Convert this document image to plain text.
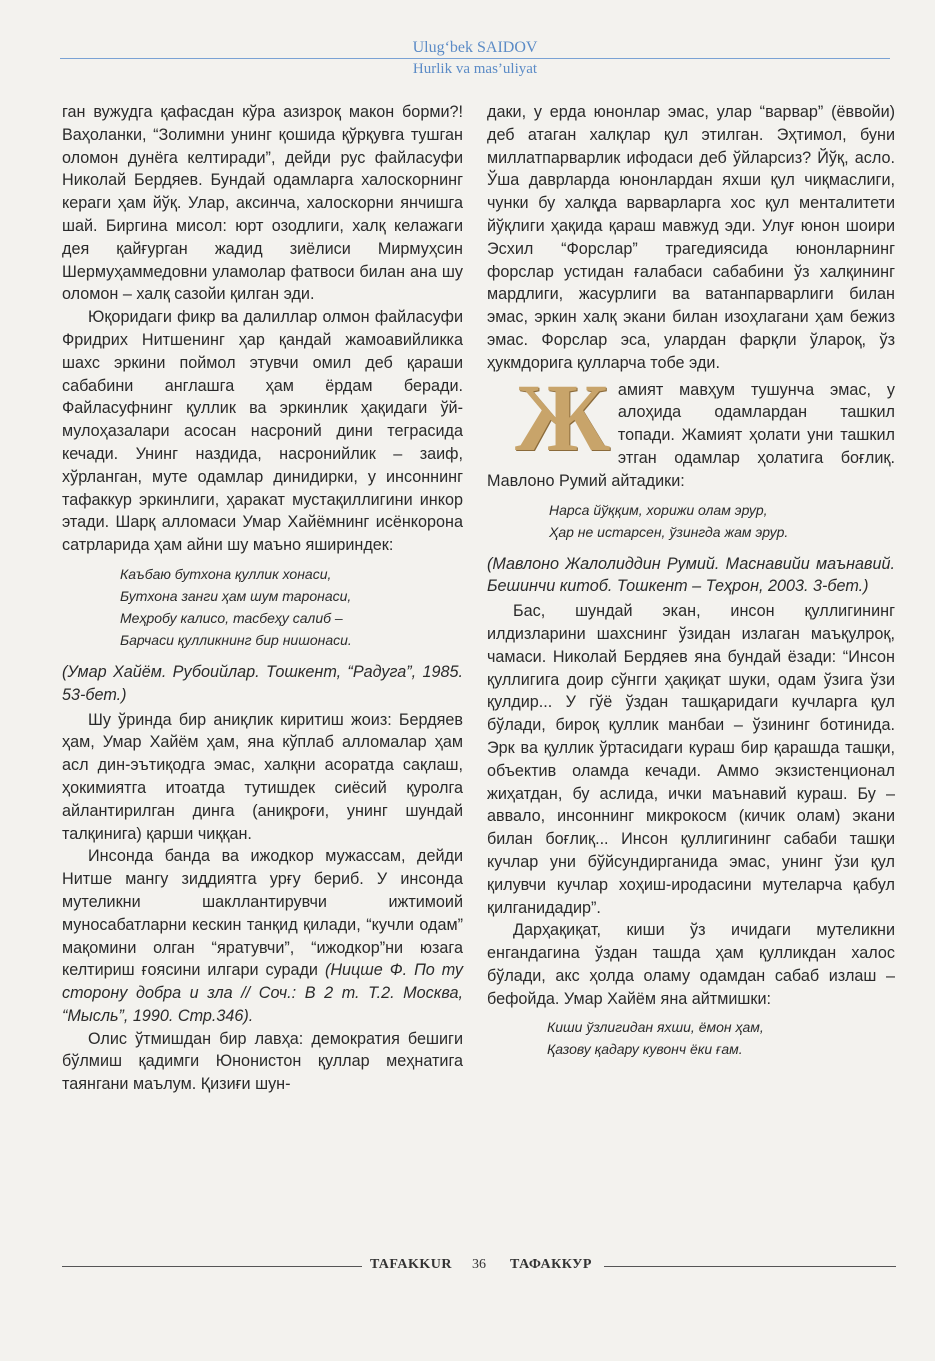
Ulug‘bek SAIDOV
Hurlik va mas’uliyat

ган вужудга қафасдан кўра азизроқ макон борми?! Ваҳоланки, “Золимни унинг қошида қўрқувга тушган оломон дунёга келтиради”, дейди рус файласуфи Николай Бердяев. Бундай одамларга халоскорнинг кераги ҳам йўқ. Улар, аксинча, халоскорни янчишга шай. Биргина мисол: юрт озодлиги, халқ келажаги дея қайғурган жадид зиёлиси Мирмуҳсин Шермуҳаммедовни уламолар фатвоси билан ана шу оломон – халқ сазойи қилган эди.

Юқоридаги фикр ва далиллар олмон файласуфи Фридрих Нитшенинг ҳар қандай жамоавийликка шахс эркини поймол этувчи омил деб қараши сабабини англашга ҳам ёрдам беради. Файласуфнинг қуллик ва эркинлик ҳақидаги ўй-мулоҳазалари асосан насроний дини теграсида кечади. Унинг наздида, насронийлик – заиф, хўрланган, муте одамлар динидирки, у инсоннинг тафаккур эркинлиги, ҳаракат мустақиллигини инкор этади. Шарқ алломаси Умар Хайёмнинг исёнкорона сатрларида ҳам айни шу маъно яшириндек:

Каъбаю бутхона қуллик хонаси,
Бутхона занги ҳам шум таронаси,
Меҳробу калисо, тасбеҳу салиб –
Барчаси қулликнинг бир нишонаси.

(Умар Хайём. Рубоийлар. Тошкент, “Радуга”, 1985. 53-бет.)

Шу ўринда бир аниқлик киритиш жоиз: Бердяев ҳам, Умар Хайём ҳам, яна кўплаб алломалар ҳам асл дин-эътиқодга эмас, халқни асоратда сақлаш, ҳокимиятга итоатда тутишдек сиёсий қуролга айлантирилган динга (аниқроғи, унинг шундай талқинига) қарши чиққан.

Инсонда банда ва ижодкор мужассам, дейди Нитше мангу зиддиятга урғу бериб. У инсонда мутеликни шакллантирувчи ижтимоий муносабатларни кескин танқид қилади, “кучли одам” мақомини олган “яратувчи”, “ижодкор”ни юзага келтириш ғоясини илгари суради (Ницше Ф. По ту сторону добра и зла // Соч.: В 2 т. Т.2. Москва, “Мысль”, 1990. Стр.346).

Олис ўтмишдан бир лавҳа: демократия бешиги бўлмиш қадимги Юнонистон қуллар меҳнатига таянгани маълум. Қизиғи шун-

даки, у ерда юнонлар эмас, улар “варвар” (ёввойи) деб атаган халқлар қул этилган. Эҳтимол, буни миллатпарварлик ифодаси деб ўйларсиз? Йўқ, асло. Ўша даврларда юнонлардан яхши қул чиқмаслиги, чунки бу халқда варварларга хос қул менталитети йўқлиги ҳақида қараш мавжуд эди. Улуғ юнон шоири Эсхил “Форслар” трагедиясида юнонларнинг форслар устидан ғалабаси сабабини ўз халқининг мардлиги, жасурлиги ва ватанпарварлиги билан эмас, эркин халқ экани билан изоҳлагани ҳам бежиз эмас. Форслар эса, улардан фарқли ўлароқ, ўз ҳукмдорига қулларча тобе эди.

Ж амият мавҳум тушунча эмас, у алоҳида одамлардан ташкил топади. Жамият ҳолати уни ташкил этган одамлар ҳолатига боғлиқ. Мавлоно Румий айтадики:

Нарса йўққим, хорижи олам эрур,
Ҳар не истарсен, ўзингда жам эрур.

(Мавлоно Жалолиддин Румий. Маснавийи маънавий. Бешинчи китоб. Тошкент – Теҳрон, 2003. 3-бет.)

Бас, шундай экан, инсон қуллигининг илдизларини шахснинг ўзидан излаган маъқулроқ, чамаси. Николай Бердяев яна бундай ёзади: “Инсон қуллигига доир сўнгги ҳақиқат шуки, одам ўзига ўзи қулдир... У гўё ўздан ташқаридаги кучларга қул бўлади, бироқ қуллик манбаи – ўзининг ботинида. Эрк ва қуллик ўртасидаги кураш бир қарашда ташқи, объектив оламда кечади. Аммо экзистенционал жиҳатдан, бу аслида, ички маънавий кураш. Бу – аввало, инсоннинг микрокосм (кичик олам) экани билан боғлиқ... Инсон қуллигининг сабаби ташқи кучлар уни бўйсундирганида эмас, унинг ўзи қул қилувчи кучлар хоҳиш-иродасини мутеларча қабул қилганидадир”.

Дарҳақиқат, киши ўз ичидаги мутеликни енгандагина ўздан ташда ҳам қулликдан халос бўлади, акс ҳолда оламу одамдан сабаб излаш – бефойда. Умар Хайём яна айтмишки:

Киши ўзлигидан яхши, ёмон ҳам,
Қазову қадару кувонч ёки ғам.
TAFAKKUR 36 ТАФАККУР
